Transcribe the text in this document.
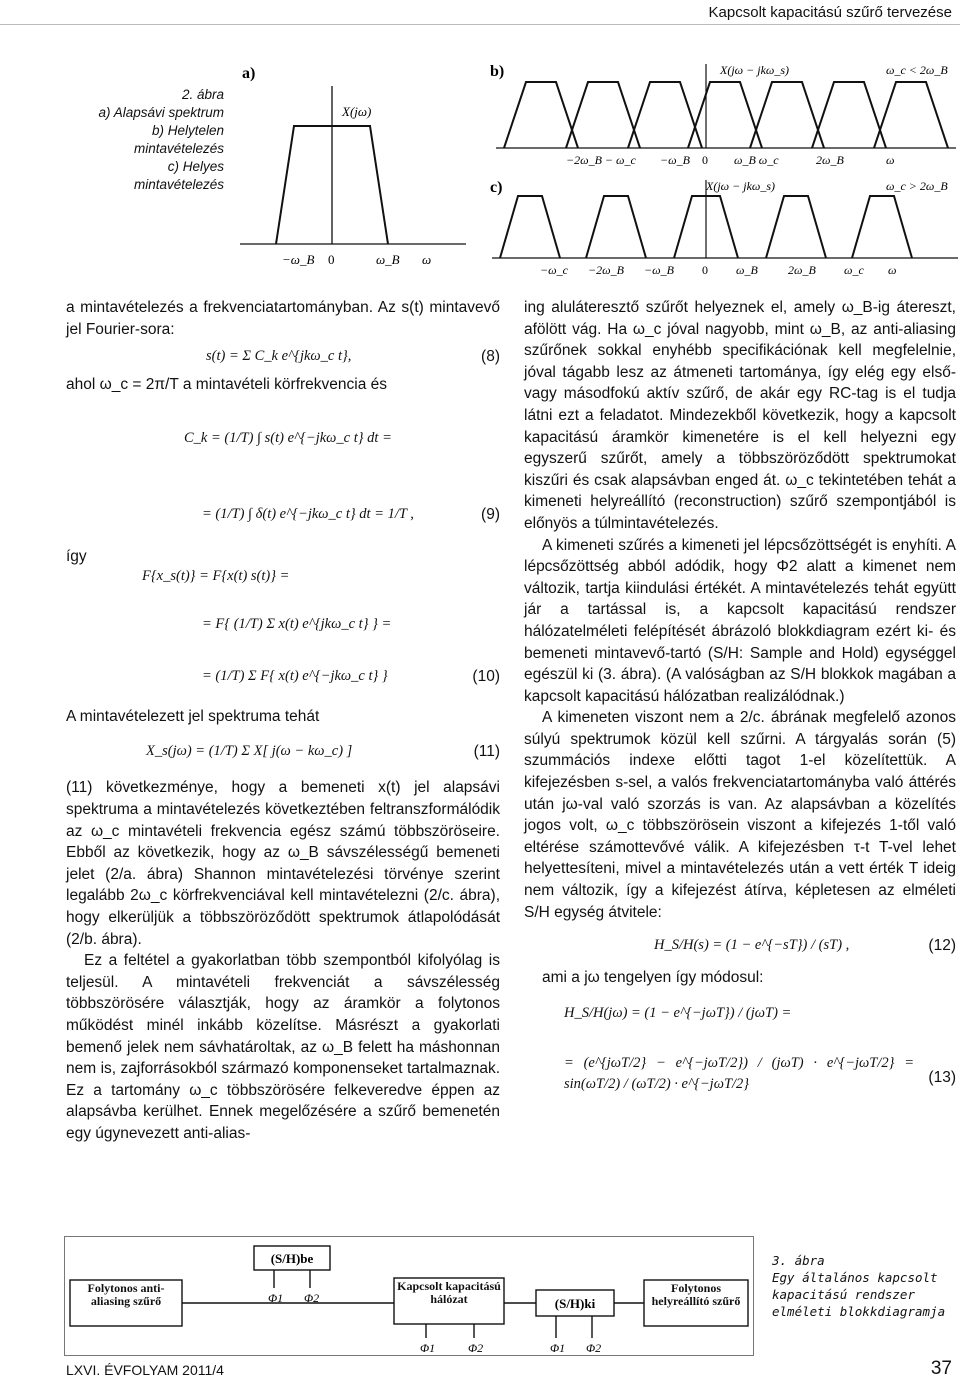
Kapcsolt kapacitású szűrő tervezése
2. ábra
a) Alapsávi spektrum
b) Helytelen
mintavételezés
c) Helyes
mintavételezés
a)
X(jω)
−ω_B 0	ω_B ω
X(jω − jkω_s)	ω_c < 2ω_B
−2ω_B − ω_c −ω_B 0 ω_B ω_c	2ω_B	ω
c)
b)
X(jω − jkω_s)	ω_c > 2ω_B
−ω_c −2ω_B −ω_B 0 ω_B	2ω_B ω_c ω

a mintavételezés a frekvenciatartományban. Az s(t) mintavevő jel Fourier-sora:

s(t) = Σ C_k e^{jkω_c t},	(8)

ahol ω_c = 2π/T a mintavételi körfrekvencia és

C_k = (1/T) ∫ s(t) e^{−jkω_c t} dt =
= (1/T) ∫ δ(t) e^{−jkω_c t} dt = 1/T ,	(9)
így
F{x_s(t)} = F{x(t) s(t)} =
= F{ (1/T) Σ x(t) e^{jkω_c t} } =
= (1/T) Σ F{ x(t) e^{−jkω_c t} }	(10)

A mintavételezett jel spektruma tehát

X_s(jω) = (1/T) Σ X[ j(ω − kω_c) ]	(11)

(11) következménye, hogy a bemeneti x(t) jel alapsávi spektruma a mintavételezés következtében feltranszformálódik az ω_c mintavételi frekvencia egész számú többszöröseire. Ebből az következik, hogy az ω_B sávszélességű bemeneti jelet (2/a. ábra) Shannon mintavételezési törvénye szerint legalább 2ω_c körfrekvenciával kell mintavételezni (2/c. ábra), hogy elkerüljük a többszöröződött spektrumok átlapolódását (2/b. ábra).

Ez a feltétel a gyakorlatban több szempontból kifolyólag is teljesül. A mintavételi frekvenciát a sávszélesség többszörösére választják, hogy az áramkör a folytonos működést minél inkább közelítse. Másrészt a gyakorlati bemenő jelek nem sávhatároltak, az ω_B felett ha máshonnan nem is, zajforrásokból származó komponenseket tartalmaznak. Ez a tartomány ω_c többszörösére felkeveredve éppen az alapsávba kerülhet. Ennek megelőzésére a szűrő bemenetén egy úgynevezett anti-alias-

ing aluláteresztő szűrőt helyeznek el, amely ω_B-ig átereszt, afölött vág. Ha ω_c jóval nagyobb, mint ω_B, az anti-aliasing szűrőnek sokkal enyhébb specifikációnak kell megfelelnie, jóval tágabb lesz az átmeneti tartománya, így elég egy első- vagy másodfokú aktív szűrő, de akár egy RC-tag is el tudja látni ezt a feladatot. Mindezekből következik, hogy a kapcsolt kapacitású áramkör kimenetére is el kell helyezni egy egyszerű szűrőt, amely a többszöröződött spektrumokat kiszűri és csak alapsávban enged át. ω_c tekintetében tehát a kimeneti helyreállító (reconstruction) szűrő szempontjából is előnyös a túlmintavételezés.

A kimeneti szűrés a kimeneti jel lépcsőzöttségét is enyhíti. A lépcsőzöttség abból adódik, hogy Φ2 alatt a kimenet nem változik, tartja kiindulási értékét. A mintavételezés tehát együtt jár a tartással is, a kapcsolt kapacitású rendszer hálózatelméleti felépítését ábrázoló blokkdiagram ezért ki- és bemeneti mintavevő-tartó (S/H: Sample and Hold) egységgel egészül ki (3. ábra). (A valóságban az S/H blokkok magában a kapcsolt kapacitású hálózatban realizálódnak.)

A kimeneten viszont nem a 2/c. ábrának megfelelő azonos súlyú spektrumok közül kell szűrni. A tárgyalás során (5) szummációs indexe előtti tagot 1-el közelítettük. A kifejezésben s-sel, a valós frekvenciatartományba való áttérés után jω-val való szorzás is van. Az alapsávban a közelítés jogos volt, ω_c többszörösein viszont a kifejezés 1-től való eltérése számottevővé válik. A kifejezésben τ-t T-vel lehet helyettesíteni, mivel a mintavételezés után a vett érték T ideig nem változik, így a kifejezést átírva, képletesen az elméleti S/H egység átvitele:

H_S/H(s) = (1 − e^{−sT}) / (sT) ,	(12)

ami a jω tengelyen így módosul:

H_S/H(jω) = (1 − e^{−jωT}) / (jωT) =
= (e^{jωT/2} − e^{−jωT/2}) / (jωT) · e^{−jωT/2} = sin(ωT/2) / (ωT/2) · e^{−jωT/2}	(13)
(S/H)be
Φ1 Φ2
Folytonos anti-aliasing szűrő
Kapcsolt kapacitású hálózat	(S/H)ki
Folytonos helyreállító szűrő
Φ1	Φ2	Φ1 Φ2
3. ábra
Egy általános kapcsolt
kapacitású rendszer
elméleti blokkdiagramja
LXVI. ÉVFOLYAM 2011/4	37
